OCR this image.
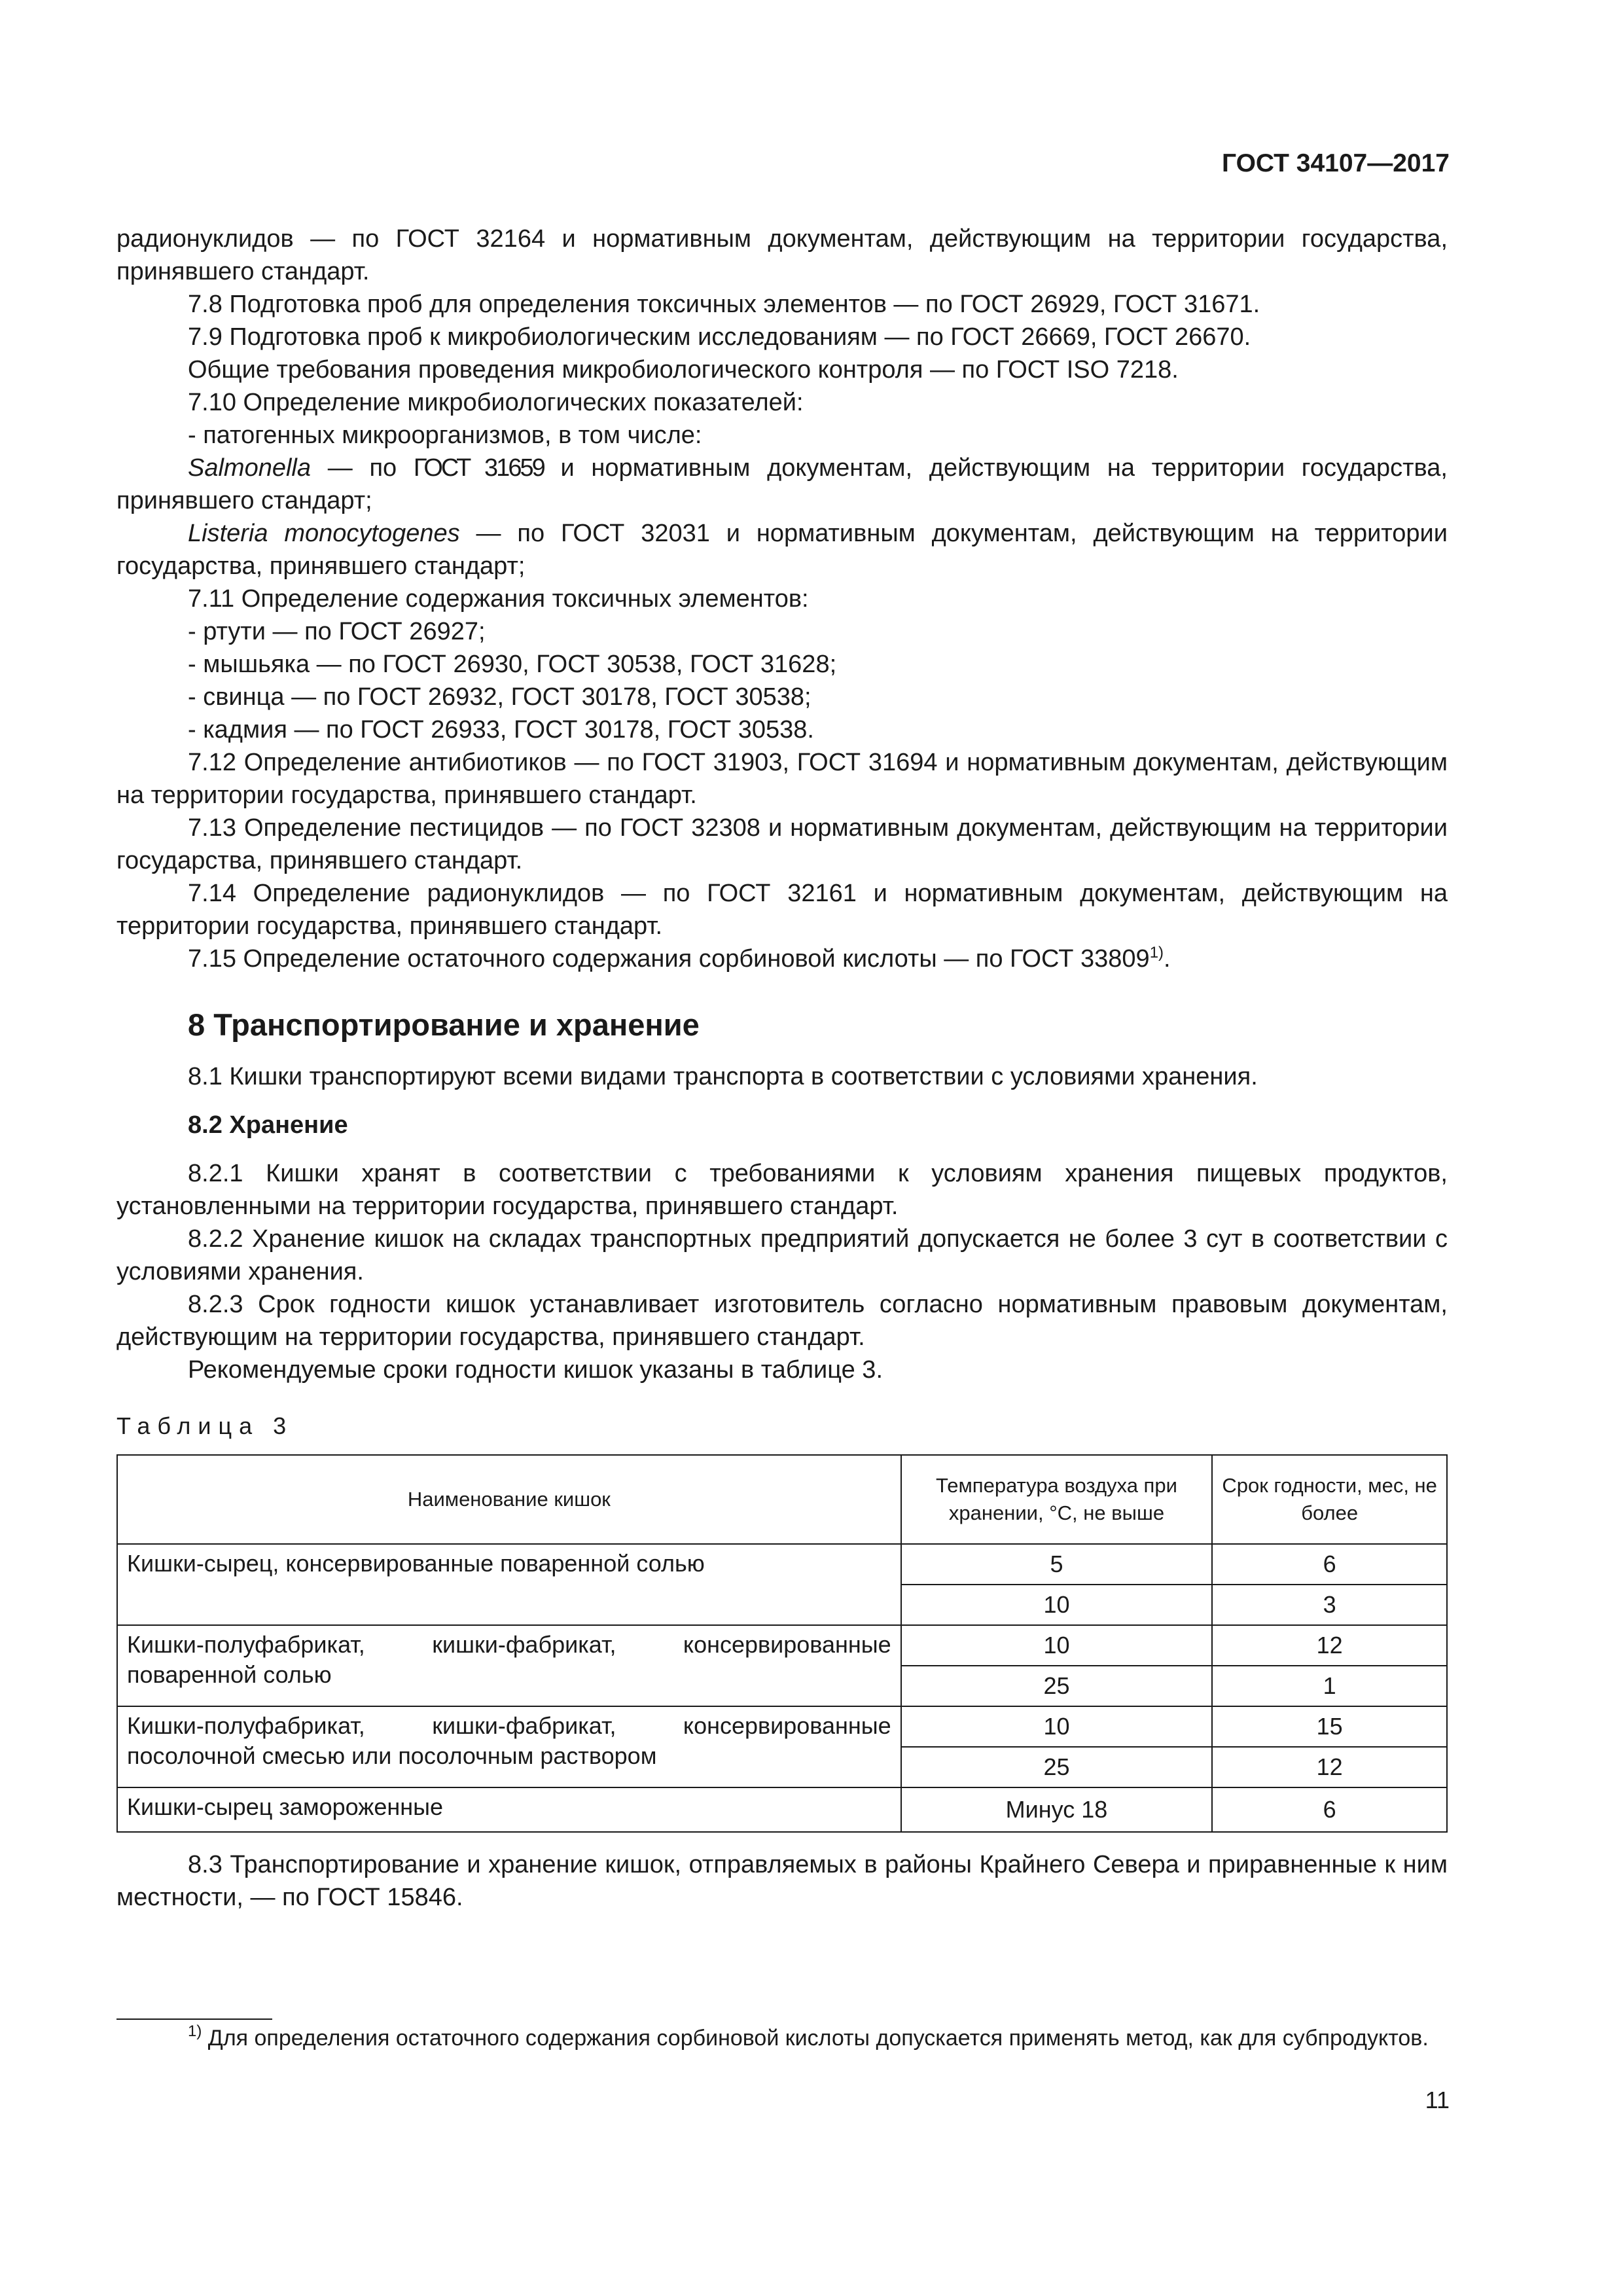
ГОСТ 34107—2017

радионуклидов — по ГОСТ 32164 и нормативным документам, действующим на территории государства, принявшего стандарт.

7.8 Подготовка проб для определения токсичных элементов — по ГОСТ 26929, ГОСТ 31671.

7.9 Подготовка проб к микробиологическим исследованиям — по ГОСТ 26669, ГОСТ 26670.

Общие требования проведения микробиологического контроля — по ГОСТ ISO 7218.

7.10 Определение микробиологических показателей:

- патогенных микроорганизмов, в том числе:

Salmonella — по ГОСТ 31659 и нормативным документам, действующим на территории государства, принявшего стандарт;

Listeria monocytogenes — по ГОСТ 32031 и нормативным документам, действующим на территории государства, принявшего стандарт;

7.11 Определение содержания токсичных элементов:

- ртути — по ГОСТ 26927;

- мышьяка — по ГОСТ 26930, ГОСТ 30538, ГОСТ 31628;

- свинца — по ГОСТ 26932, ГОСТ 30178, ГОСТ 30538;

- кадмия — по ГОСТ 26933, ГОСТ 30178, ГОСТ 30538.

7.12 Определение антибиотиков — по ГОСТ 31903, ГОСТ 31694 и нормативным документам, действующим на территории государства, принявшего стандарт.

7.13 Определение пестицидов — по ГОСТ 32308 и нормативным документам, действующим на территории государства, принявшего стандарт.

7.14 Определение радионуклидов — по ГОСТ 32161 и нормативным документам, действующим на территории государства, принявшего стандарт.

7.15 Определение остаточного содержания сорбиновой кислоты — по ГОСТ 33809$^{1)}$.

8 Транспортирование и хранение

8.1 Кишки транспортируют всеми видами транспорта в соответствии с условиями хранения.

8.2 Хранение

8.2.1 Кишки хранят в соответствии с требованиями к условиям хранения пищевых продуктов, установленными на территории государства, принявшего стандарт.

8.2.2 Хранение кишок на складах транспортных предприятий допускается не более 3 сут в соответствии с условиями хранения.

8.2.3 Срок годности кишок устанавливает изготовитель согласно нормативным правовым документам, действующим на территории государства, принявшего стандарт.

Рекомендуемые сроки годности кишок указаны в таблице 3.

Таблица 3
Наименование кишок	Температура воздуха при хранении, °С, не выше	Срок годности, мес, не более
Кишки-сырец, консервированные поваренной солью	5	6
	10	3
Кишки-полуфабрикат, кишки-фабрикат, консервированные поваренной солью	10	12
	25	1
Кишки-полуфабрикат, кишки-фабрикат, консервированные посолочной смесью или посолочным раствором	10	15
	25	12
Кишки-сырец замороженные	Минус 18	6

8.3 Транспортирование и хранение кишок, отправляемых в районы Крайнего Севера и приравненные к ним местности, — по ГОСТ 15846.

$^{1)}$ Для определения остаточного содержания сорбиновой кислоты допускается применять метод, как для субпродуктов.
11
